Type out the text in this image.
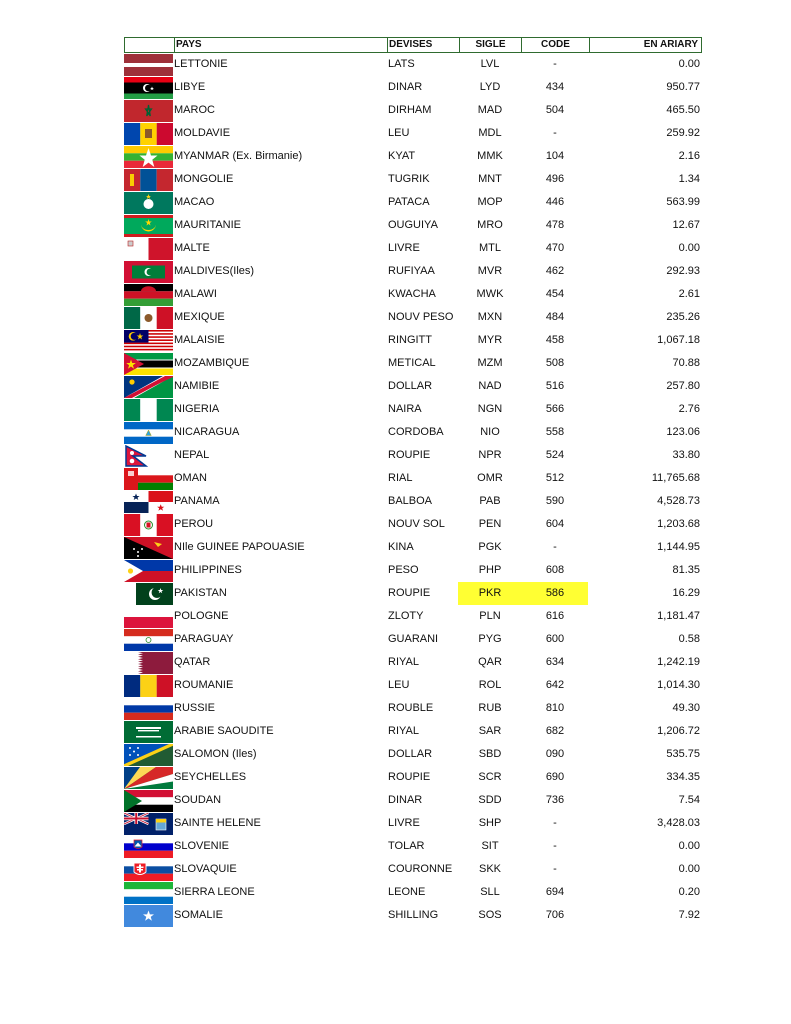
PAYS	DEVISES	SIGLE	CODE	EN ARIARY
LETTONIE	LATS	LVL	-	0.00
LIBYE	DINAR	LYD	434	950.77
MAROC	DIRHAM	MAD	504	465.50
MOLDAVIE	LEU	MDL	-	259.92
MYANMAR (Ex. Birmanie)	KYAT	MMK	104	2.16
MONGOLIE	TUGRIK	MNT	496	1.34
MACAO	PATACA	MOP	446	563.99
MAURITANIE	OUGUIYA	MRO	478	12.67
MALTE	LIVRE	MTL	470	0.00
MALDIVES(Iles)	RUFIYAA	MVR	462	292.93
MALAWI	KWACHA	MWK	454	2.61
MEXIQUE	NOUV PESO	MXN	484	235.26
MALAISIE	RINGITT	MYR	458	1,067.18
MOZAMBIQUE	METICAL	MZM	508	70.88
NAMIBIE	DOLLAR	NAD	516	257.80
NIGERIA	NAIRA	NGN	566	2.76
NICARAGUA	CORDOBA	NIO	558	123.06
NEPAL	ROUPIE	NPR	524	33.80
OMAN	RIAL	OMR	512	11,765.68
PANAMA	BALBOA	PAB	590	4,528.73
PEROU	NOUV SOL	PEN	604	1,203.68
NIle GUINEE PAPOUASIE	KINA	PGK	-	1,144.95
PHILIPPINES	PESO	PHP	608	81.35
PAKISTAN	ROUPIE	PKR	586	16.29
POLOGNE	ZLOTY	PLN	616	1,181.47
PARAGUAY	GUARANI	PYG	600	0.58
QATAR	RIYAL	QAR	634	1,242.19
ROUMANIE	LEU	ROL	642	1,014.30
RUSSIE	ROUBLE	RUB	810	49.30
ARABIE SAOUDITE	RIYAL	SAR	682	1,206.72
SALOMON (Iles)	DOLLAR	SBD	090	535.75
SEYCHELLES	ROUPIE	SCR	690	334.35
SOUDAN	DINAR	SDD	736	7.54
SAINTE HELENE	LIVRE	SHP	-	3,428.03
SLOVENIE	TOLAR	SIT	-	0.00
SLOVAQUIE	COURONNE	SKK	-	0.00
SIERRA LEONE	LEONE	SLL	694	0.20
SOMALIE	SHILLING	SOS	706	7.92
